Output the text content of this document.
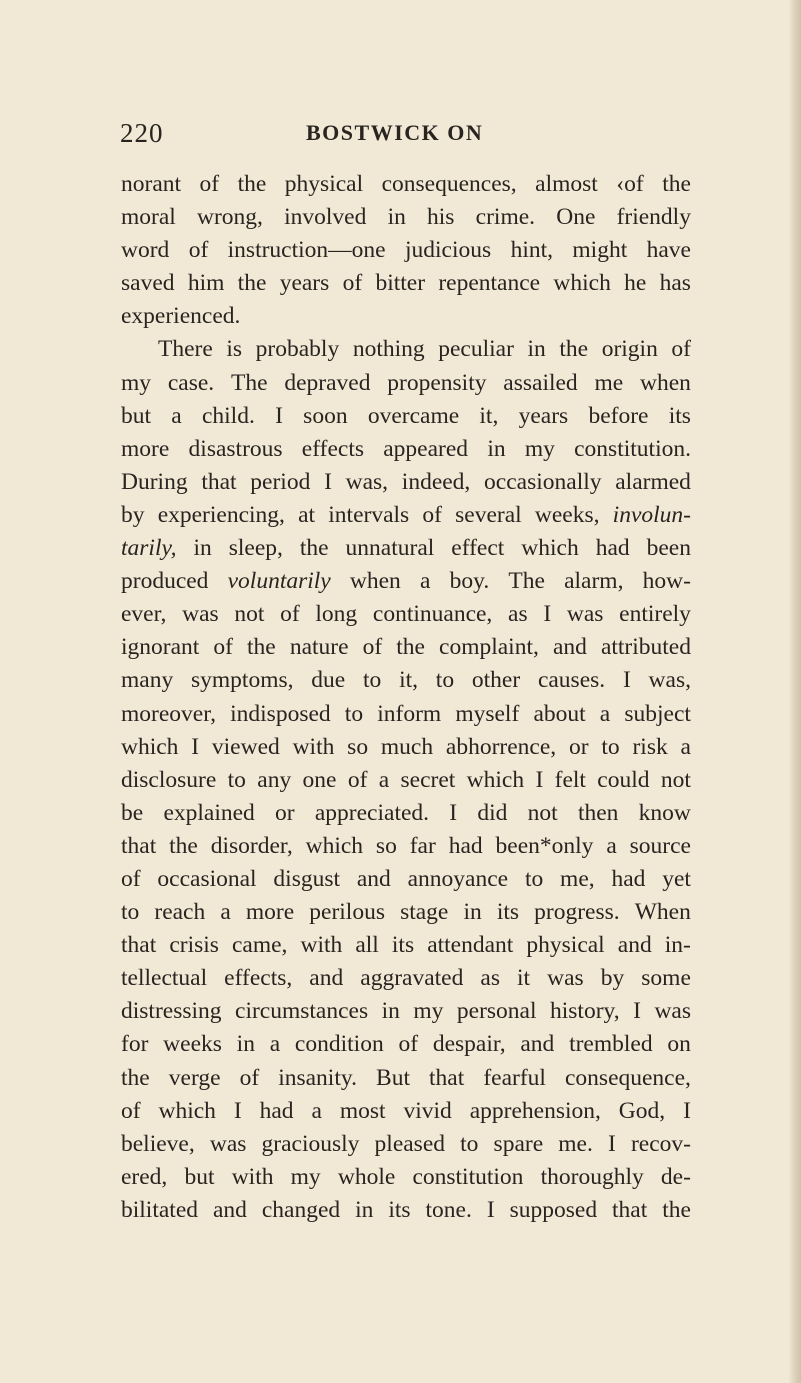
220	BOSTWICK ON
norant of the physical consequences, almost ‹of the
moral wrong, involved in his crime. One friendly
word of instruction—one judicious hint, might have
saved him the years of bitter repentance which he has
experienced.
There is probably nothing peculiar in the origin of
my case. The depraved propensity assailed me when
but a child. I soon overcame it, years before its
more disastrous effects appeared in my constitution.
During that period I was, indeed, occasionally alarmed
by experiencing, at intervals of several weeks, involun-
tarily, in sleep, the unnatural effect which had been
produced voluntarily when a boy. The alarm, how-
ever, was not of long continuance, as I was entirely
ignorant of the nature of the complaint, and attributed
many symptoms, due to it, to other causes. I was,
moreover, indisposed to inform myself about a subject
which I viewed with so much abhorrence, or to risk a
disclosure to any one of a secret which I felt could not
be explained or appreciated. I did not then know
that the disorder, which so far had been*only a source
of occasional disgust and annoyance to me, had yet
to reach a more perilous stage in its progress. When
that crisis came, with all its attendant physical and in-
tellectual effects, and aggravated as it was by some
distressing circumstances in my personal history, I was
for weeks in a condition of despair, and trembled on
the verge of insanity. But that fearful consequence,
of which I had a most vivid apprehension, God, I
believe, was graciously pleased to spare me. I recov-
ered, but with my whole constitution thoroughly de-
bilitated and changed in its tone. I supposed that the
